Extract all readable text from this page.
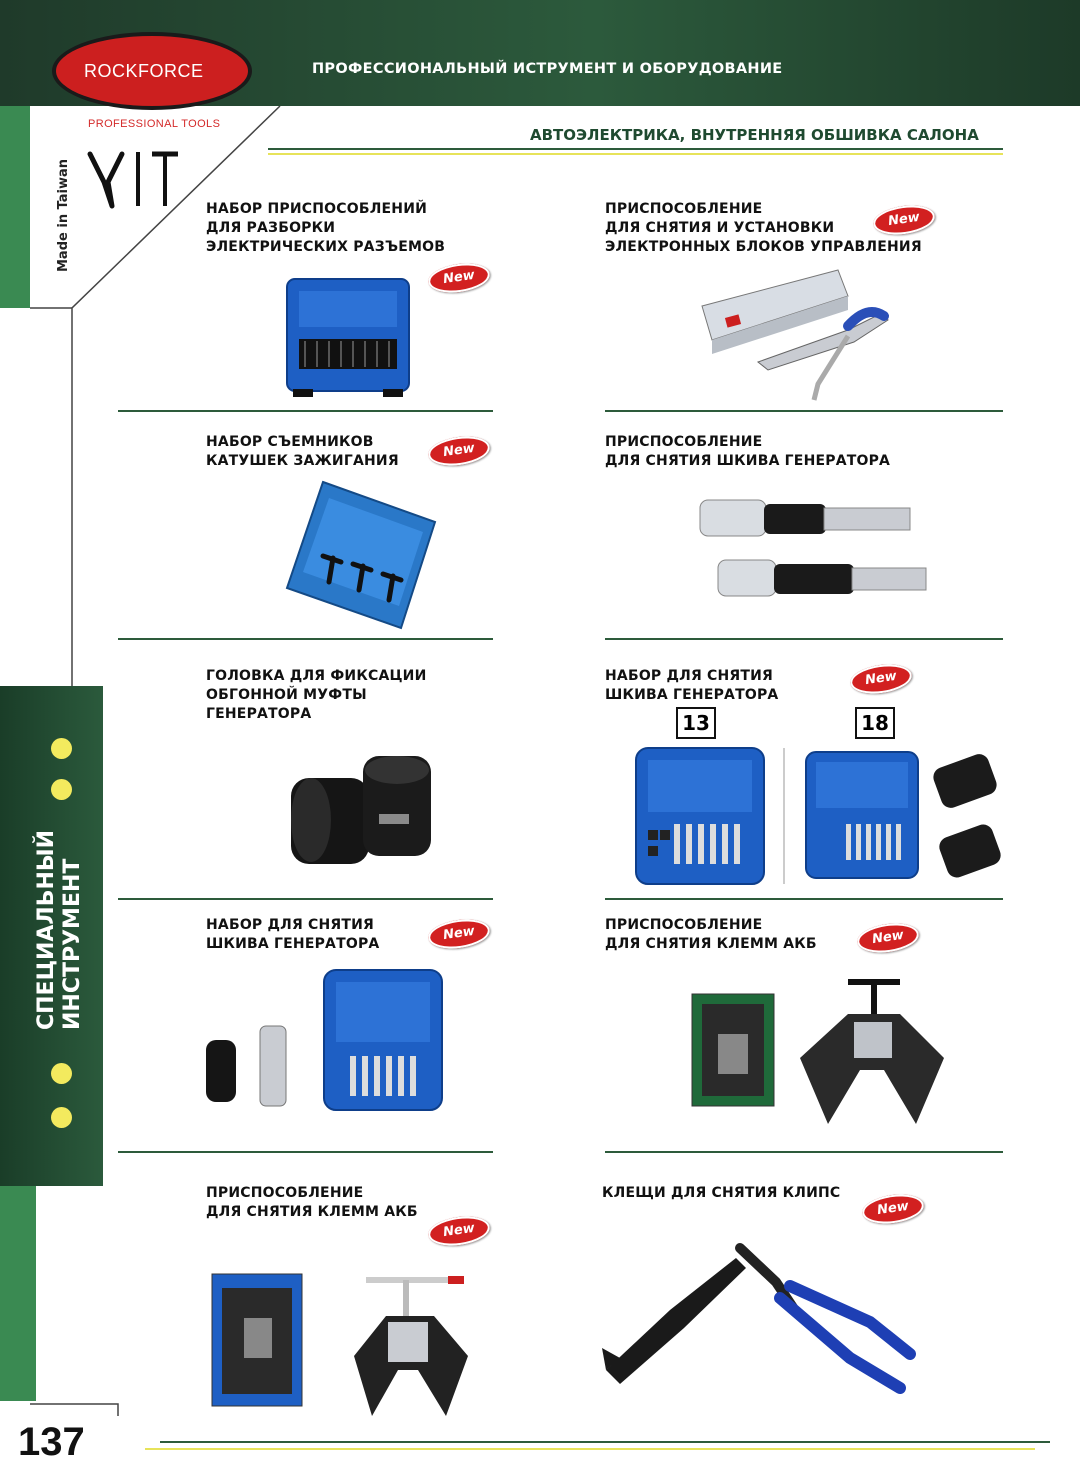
ROCKFORCE
PROFESSIONAL TOOLS
ПРОФЕССИОНАЛЬНЫЙ ИСТРУМЕНТ И ОБОРУДОВАНИЕ
Made in Taiwan
СПЕЦИАЛЬНЫЙ ИНСТРУМЕНТ
АВТОЭЛЕКТРИКА, ВНУТРЕННЯЯ ОБШИВКА САЛОНА
НАБОР ПРИСПОСОБЛЕНИЙ
ДЛЯ РАЗБОРКИ
ЭЛЕКТРИЧЕСКИХ РАЗЪЕМОВ
New
ПРИСПОСОБЛЕНИЕ
ДЛЯ СНЯТИЯ И УСТАНОВКИ
ЭЛЕКТРОННЫХ БЛОКОВ УПРАВЛЕНИЯ
New
НАБОР СЪЕМНИКОВ
КАТУШЕК ЗАЖИГАНИЯ
New	ПРИСПОСОБЛЕНИЕ
ДЛЯ СНЯТИЯ ШКИВА ГЕНЕРАТОРА
ГОЛОВКА ДЛЯ ФИКСАЦИИ
ОБГОННОЙ МУФТЫ
ГЕНЕРАТОРА
НАБОР ДЛЯ СНЯТИЯ
ШКИВА ГЕНЕРАТОРА
New
13	18
НАБОР ДЛЯ СНЯТИЯ
ШКИВА ГЕНЕРАТОРА
New	ПРИСПОСОБЛЕНИЕ
ДЛЯ СНЯТИЯ КЛЕММ АКБ	New
ПРИСПОСОБЛЕНИЕ
ДЛЯ СНЯТИЯ КЛЕММ АКБ
New
КЛЕЩИ ДЛЯ СНЯТИЯ КЛИПС
New
137
